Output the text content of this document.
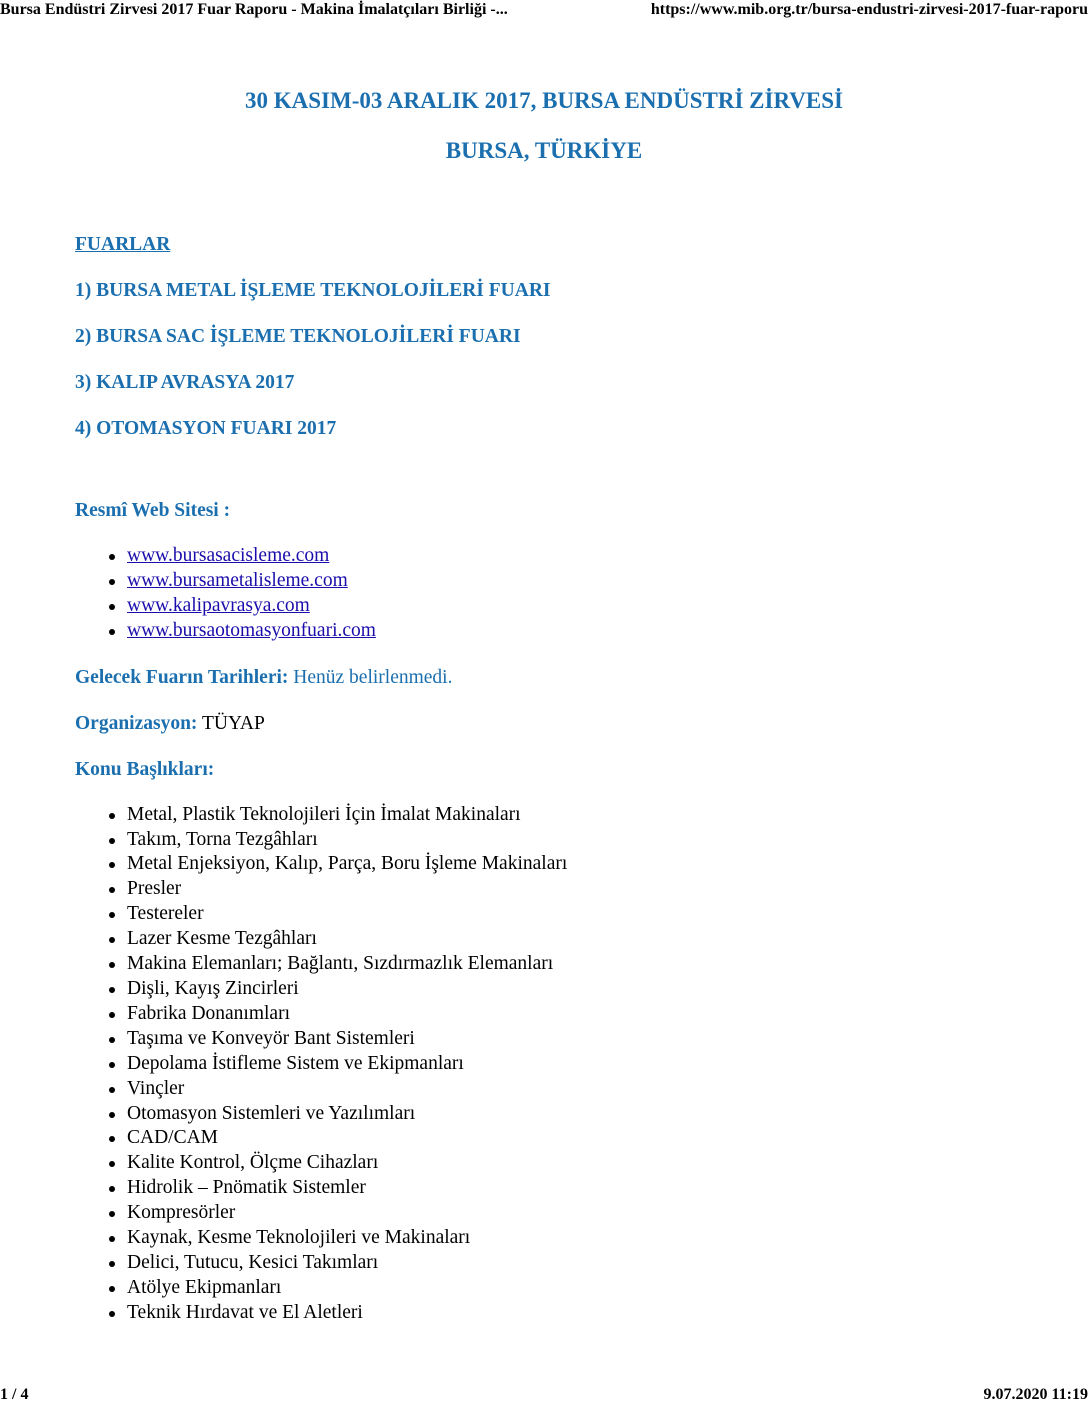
Bursa Endüstri Zirvesi 2017 Fuar Raporu - Makina İmalatçıları Birliği -...	https://www.mib.org.tr/bursa-endustri-zirvesi-2017-fuar-raporu
30 KASIM-03 ARALIK 2017, BURSA ENDÜSTRİ ZİRVESİ
BURSA, TÜRKİYE

FUARLAR

1) BURSA METAL İŞLEME TEKNOLOJİLERİ FUARI
2) BURSA SAC İŞLEME TEKNOLOJİLERİ FUARI
3) KALIP AVRASYA 2017
4) OTOMASYON FUARI 2017

Resmî Web Sitesi :

www.bursasacisleme.com
www.bursametalisleme.com
www.kalipavrasya.com
www.bursaotomasyonfuari.com

Gelecek Fuarın Tarihleri: Henüz belirlenmedi.

Organizasyon: TÜYAP

Konu Başlıkları:

Metal, Plastik Teknolojileri İçin İmalat Makinaları
Takım, Torna Tezgâhları
Metal Enjeksiyon, Kalıp, Parça, Boru İşleme Makinaları
Presler
Testereler
Lazer Kesme Tezgâhları
Makina Elemanları; Bağlantı, Sızdırmazlık Elemanları
Dişli, Kayış Zincirleri
Fabrika Donanımları
Taşıma ve Konveyör Bant Sistemleri
Depolama İstifleme Sistem ve Ekipmanları
Vinçler
Otomasyon Sistemleri ve Yazılımları
CAD/CAM
Kalite Kontrol, Ölçme Cihazları
Hidrolik – Pnömatik Sistemler
Kompresörler
Kaynak, Kesme Teknolojileri ve Makinaları
Delici, Tutucu, Kesici Takımları
Atölye Ekipmanları
Teknik Hırdavat ve El Aletleri
1 / 4	9.07.2020 11:19
